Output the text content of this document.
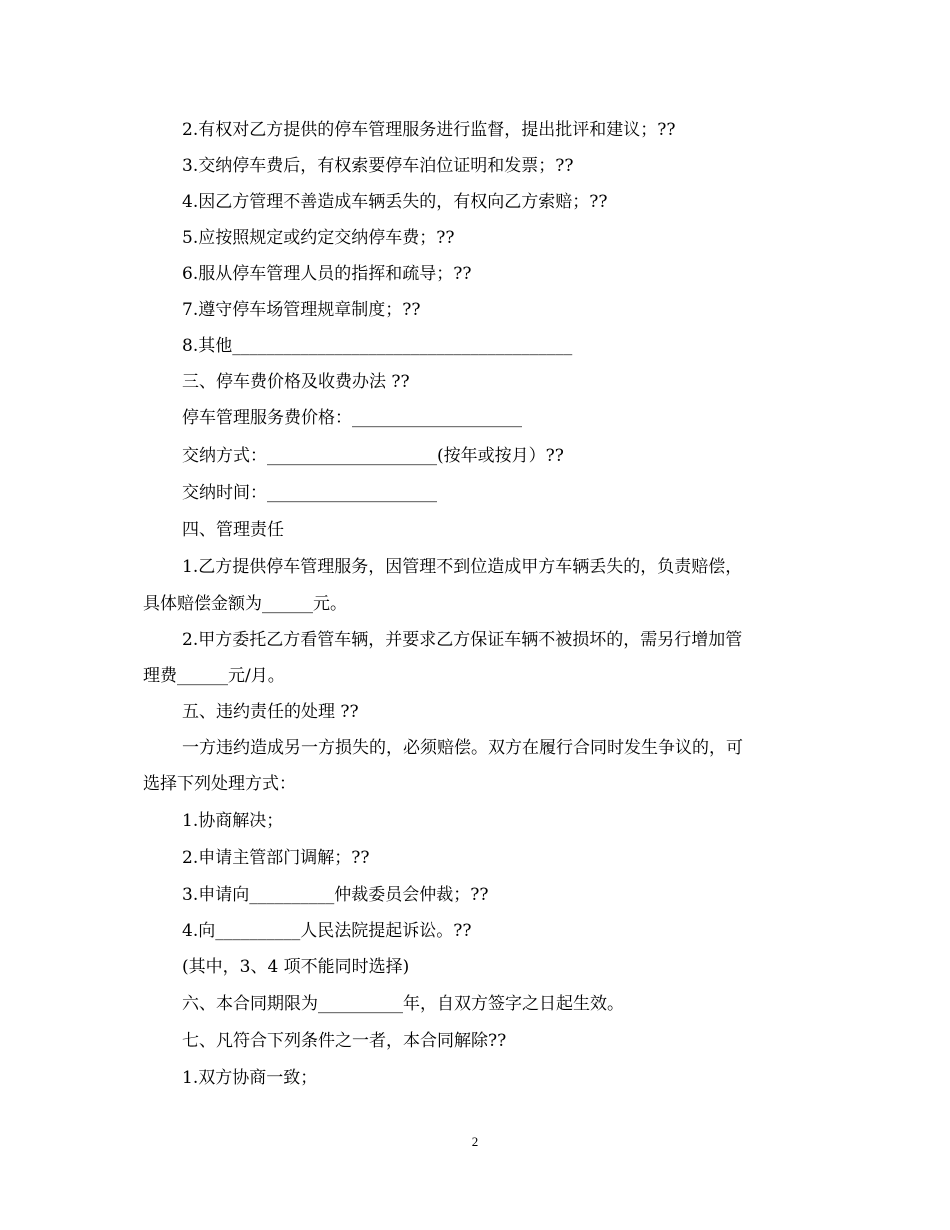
2.有权对乙方提供的停车管理服务进行监督，提出批评和建议；??
3.交纳停车费后，有权索要停车泊位证明和发票；??
4.因乙方管理不善造成车辆丢失的，有权向乙方索赔；??
5.应按照规定或约定交纳停车费；??
6.服从停车管理人员的指挥和疏导；??
7.遵守停车场管理规章制度；??
8.其他________________________________________
三、停车费价格及收费办法 ??
停车管理服务费价格：____________________
交纳方式：____________________(按年或按月）??
交纳时间：____________________
四、管理责任
1.乙方提供停车管理服务，因管理不到位造成甲方车辆丢失的，负责赔偿，
具体赔偿金额为______元。
2.甲方委托乙方看管车辆，并要求乙方保证车辆不被损坏的，需另行增加管
理费______元/月。
五、违约责任的处理 ??
一方违约造成另一方损失的，必须赔偿。双方在履行合同时发生争议的，可
选择下列处理方式：
1.协商解决；
2.申请主管部门调解；??
3.申请向__________仲裁委员会仲裁；??
4.向__________人民法院提起诉讼。??
(其中，3、4 项不能同时选择)
六、本合同期限为__________年，自双方签字之日起生效。
七、凡符合下列条件之一者，本合同解除??
1.双方协商一致；
2
